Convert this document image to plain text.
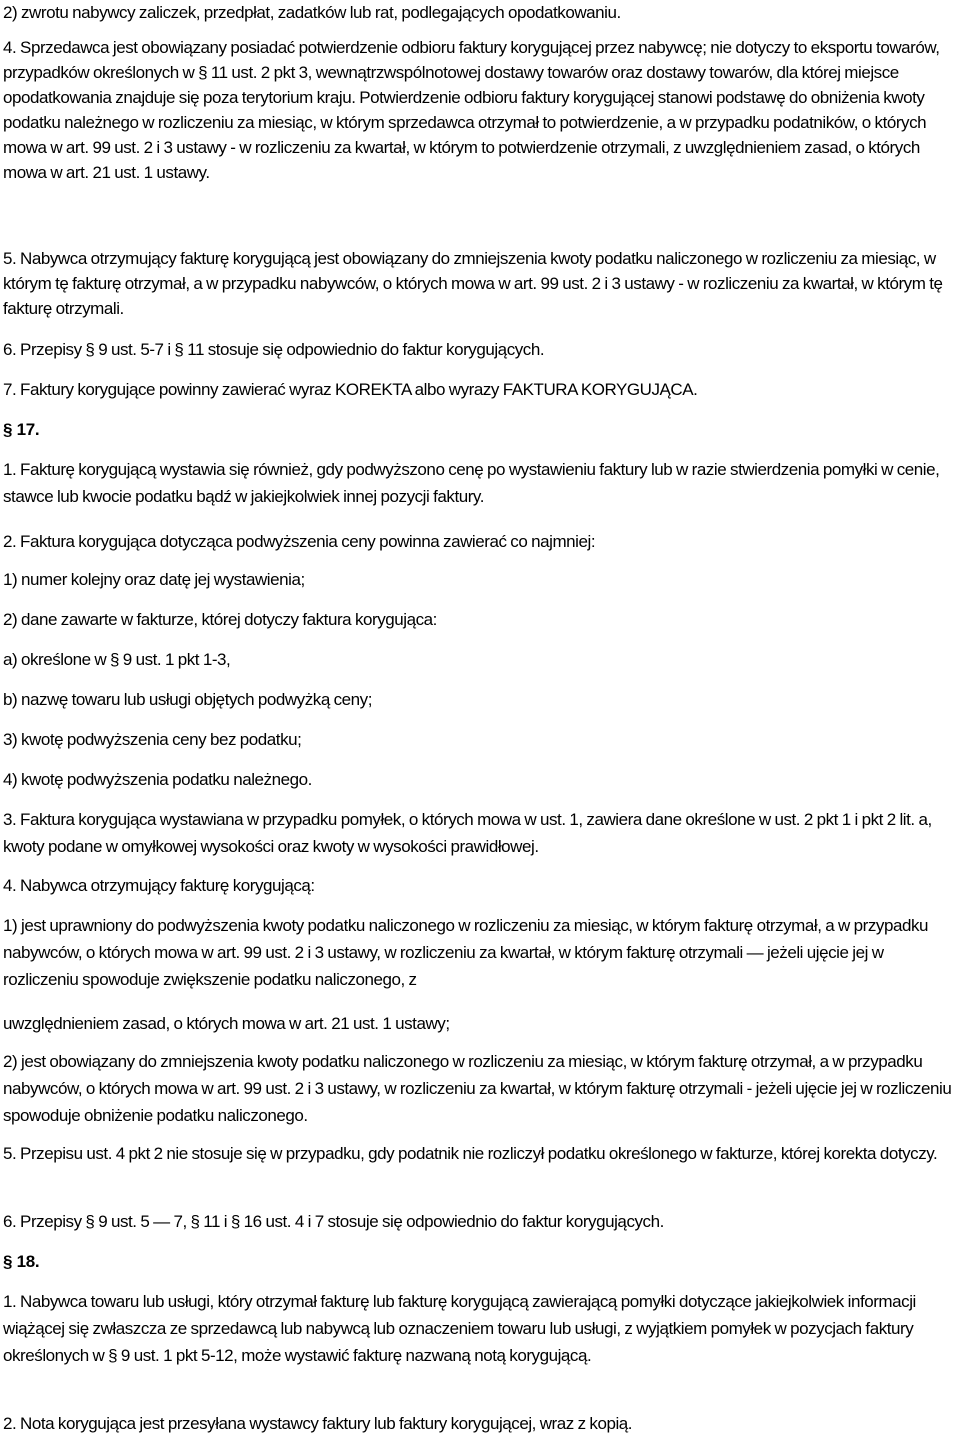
2) zwrotu nabywcy zaliczek, przedpłat, zadatków lub rat, podlegających opodatkowaniu.

4. Sprzedawca jest obowiązany posiadać potwierdzenie odbioru faktury korygującej przez nabywcę; nie dotyczy to eksportu towarów, przypadków określonych w § 11 ust. 2 pkt 3, wewnątrzwspólnotowej dostawy towarów oraz dostawy towarów, dla której miejsce opodatkowania znajduje się poza terytorium kraju. Potwierdzenie odbioru faktury korygującej stanowi podstawę do obniżenia kwoty podatku należnego w rozliczeniu za miesiąc, w którym sprzedawca otrzymał to potwierdzenie, a w przypadku podatników, o których mowa w art. 99 ust. 2 i 3 ustawy - w rozliczeniu za kwartał, w którym to potwierdzenie otrzymali, z uwzględnieniem zasad, o których mowa w art. 21 ust. 1 ustawy.

5. Nabywca otrzymujący fakturę korygującą jest obowiązany do zmniejszenia kwoty podatku naliczonego w rozliczeniu za miesiąc, w którym tę fakturę otrzymał, a w przypadku nabywców, o których mowa w art. 99 ust. 2 i 3 ustawy - w rozliczeniu za kwartał, w którym tę fakturę otrzymali.

6. Przepisy § 9 ust. 5-7 i § 11 stosuje się odpowiednio do faktur korygujących.

7. Faktury korygujące powinny zawierać wyraz KOREKTA albo wyrazy FAKTURA KORYGUJĄCA.

§ 17.

1. Fakturę korygującą wystawia się również, gdy podwyższono cenę po wystawieniu faktury lub w razie stwierdzenia pomyłki w cenie, stawce lub kwocie podatku bądź w jakiejkolwiek innej pozycji faktury.

2. Faktura korygująca dotycząca podwyższenia ceny powinna zawierać co najmniej:

1) numer kolejny oraz datę jej wystawienia;

2) dane zawarte w fakturze, której dotyczy faktura korygująca:

a) określone w § 9 ust. 1 pkt 1-3,

b) nazwę towaru lub usługi objętych podwyżką ceny;

3) kwotę podwyższenia ceny bez podatku;

4) kwotę podwyższenia podatku należnego.

3. Faktura korygująca wystawiana w przypadku pomyłek, o których mowa w ust. 1, zawiera dane określone w ust. 2 pkt 1 i pkt 2 lit. a, kwoty podane w omyłkowej wysokości oraz kwoty w wysokości prawidłowej.

4. Nabywca otrzymujący fakturę korygującą:

1) jest uprawniony do podwyższenia kwoty podatku naliczonego w rozliczeniu za miesiąc, w którym fakturę otrzymał, a w przypadku nabywców, o których mowa w art. 99 ust. 2 i 3 ustawy, w rozliczeniu za kwartał, w którym fakturę otrzymali — jeżeli ujęcie jej w rozliczeniu spowoduje zwiększenie podatku naliczonego, z

uwzględnieniem zasad, o których mowa w art. 21 ust. 1 ustawy;

2) jest obowiązany do zmniejszenia kwoty podatku naliczonego w rozliczeniu za miesiąc, w którym fakturę otrzymał, a w przypadku nabywców, o których mowa w art. 99 ust. 2 i 3 ustawy, w rozliczeniu za kwartał, w którym fakturę otrzymali - jeżeli ujęcie jej w rozliczeniu spowoduje obniżenie podatku naliczonego.

5. Przepisu ust. 4 pkt 2 nie stosuje się w przypadku, gdy podatnik nie rozliczył podatku określonego w fakturze, której korekta dotyczy.

6. Przepisy § 9 ust. 5 — 7, § 11 i § 16 ust. 4 i 7 stosuje się odpowiednio do faktur korygujących.

§ 18.

1. Nabywca towaru lub usługi, który otrzymał fakturę lub fakturę korygującą zawierającą pomyłki dotyczące jakiejkolwiek informacji wiążącej się zwłaszcza ze sprzedawcą lub nabywcą lub oznaczeniem towaru lub usługi, z wyjątkiem pomyłek w pozycjach faktury określonych w § 9 ust. 1 pkt 5-12, może wystawić fakturę nazwaną notą korygującą.

2. Nota korygująca jest przesyłana wystawcy faktury lub faktury korygującej, wraz z kopią.
